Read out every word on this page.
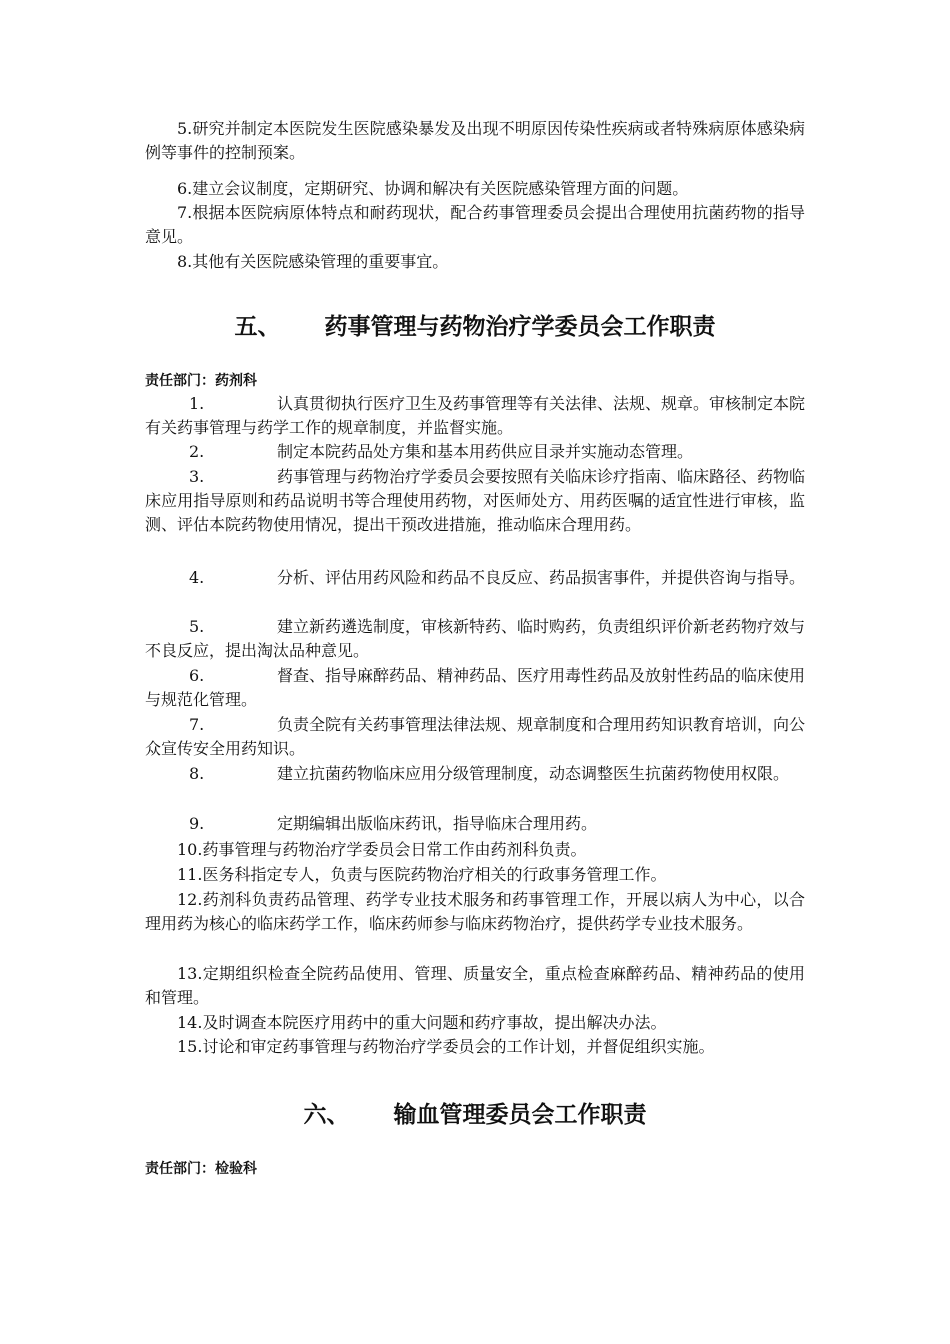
5.研究并制定本医院发生医院感染暴发及出现不明原因传染性疾病或者特殊病原体感染病例等事件的控制预案。

6.建立会议制度，定期研究、协调和解决有关医院感染管理方面的问题。

7.根据本医院病原体特点和耐药现状，配合药事管理委员会提出合理使用抗菌药物的指导意见。

8.其他有关医院感染管理的重要事宜。

五、 药事管理与药物治疗学委员会工作职责
责任部门：药剂科

1.	认真贯彻执行医疗卫生及药事管理等有关法律、法规、规章。审核制定本院有关药事管理与药学工作的规章制度，并监督实施。

2.	制定本院药品处方集和基本用药供应目录并实施动态管理。

3.	药事管理与药物治疗学委员会要按照有关临床诊疗指南、临床路径、药物临床应用指导原则和药品说明书等合理使用药物，对医师处方、用药医嘱的适宜性进行审核，监测、评估本院药物使用情况，提出干预改进措施，推动临床合理用药。

4.	分析、评估用药风险和药品不良反应、药品损害事件，并提供咨询与指导。

5.	建立新药遴选制度，审核新特药、临时购药，负责组织评价新老药物疗效与不良反应，提出淘汰品种意见。

6.	督查、指导麻醉药品、精神药品、医疗用毒性药品及放射性药品的临床使用与规范化管理。

7.	负责全院有关药事管理法律法规、规章制度和合理用药知识教育培训，向公众宣传安全用药知识。

8.	建立抗菌药物临床应用分级管理制度，动态调整医生抗菌药物使用权限。

9.	定期编辑出版临床药讯，指导临床合理用药。

10.药事管理与药物治疗学委员会日常工作由药剂科负责。

11.医务科指定专人，负责与医院药物治疗相关的行政事务管理工作。

12.药剂科负责药品管理、药学专业技术服务和药事管理工作，开展以病人为中心，以合理用药为核心的临床药学工作，临床药师参与临床药物治疗，提供药学专业技术服务。

13.定期组织检查全院药品使用、管理、质量安全，重点检查麻醉药品、精神药品的使用和管理。

14.及时调查本院医疗用药中的重大问题和药疗事故，提出解决办法。

15.讨论和审定药事管理与药物治疗学委员会的工作计划，并督促组织实施。

六、 输血管理委员会工作职责
责任部门：检验科
